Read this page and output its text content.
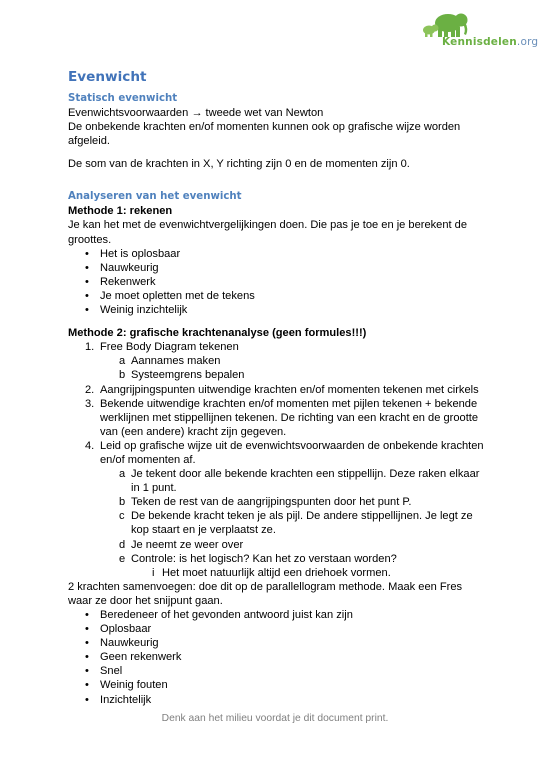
Kennisdelen.org
Evenwicht
Statisch evenwicht

Evenwichtsvoorwaarden → tweede wet van Newton

De onbekende krachten en/of momenten kunnen ook op grafische wijze worden afgeleid.

De som van de krachten in X, Y richting zijn 0 en de momenten zijn 0.

Analyseren van het evenwicht

Methode 1: rekenen

Je kan het met de evenwichtvergelijkingen doen. Die pas je toe en je berekent de groottes.

• Het is oplosbaar
• Nauwkeurig
• Rekenwerk
• Je moet opletten met de tekens
• Weinig inzichtelijk

Methode 2: grafische krachtenanalyse (geen formules!!!)

1. Free Body Diagram tekenen
a Aannames maken
b Systeemgrens bepalen
2. Aangrijpingspunten uitwendige krachten en/of momenten tekenen met cirkels
3. Bekende uitwendige krachten en/of momenten met pijlen tekenen + bekende werklijnen met stippellijnen tekenen. De richting van een kracht en de grootte van (een andere) kracht zijn gegeven.
4. Leid op grafische wijze uit de evenwichtsvoorwaarden de onbekende krachten en/of momenten af.
a Je tekent door alle bekende krachten een stippellijn. Deze raken elkaar in 1 punt.
b Teken de rest van de aangrijpingspunten door het punt P.
c De bekende kracht teken je als pijl. De andere stippellijnen. Je legt ze kop staart en je verplaatst ze.
d Je neemt ze weer over
e Controle: is het logisch? Kan het zo verstaan worden?
i Het moet natuurlijk altijd een driehoek vormen.

2 krachten samenvoegen: doe dit op de parallellogram methode. Maak een Fres waar ze door het snijpunt gaan.

• Beredeneer of het gevonden antwoord juist kan zijn
• Oplosbaar
• Nauwkeurig
• Geen rekenwerk
• Snel
• Weinig fouten
• Inzichtelijk
Denk aan het milieu voordat je dit document print.
